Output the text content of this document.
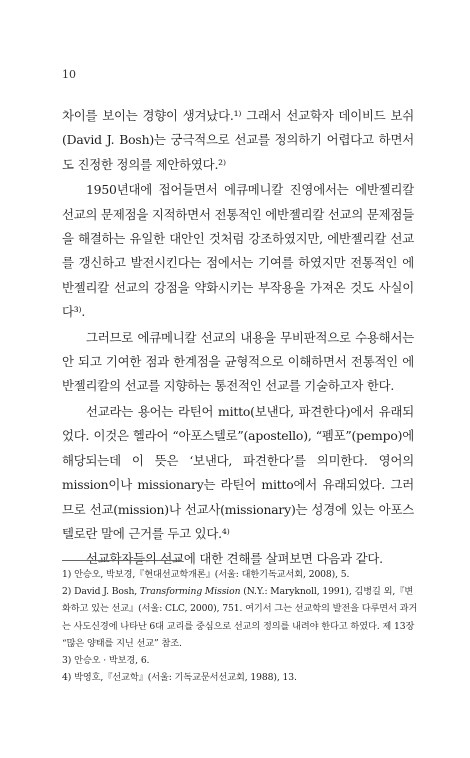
10

차이를 보이는 경향이 생겨났다.¹⁾ 그래서 선교학자 데이비드 보쉬(David J. Bosh)는 궁극적으로 선교를 정의하기 어렵다고 하면서도 진정한 정의를 제안하였다.²⁾

1950년대에 접어들면서 에큐메니칼 진영에서는 에반젤리칼 선교의 문제점을 지적하면서 전통적인 에반젤리칼 선교의 문제점들을 해결하는 유일한 대안인 것처럼 강조하였지만, 에반젤리칼 선교를 갱신하고 발전시킨다는 점에서는 기여를 하였지만 전통적인 에반젤리칼 선교의 강점을 약화시키는 부작용을 가져온 것도 사실이다³⁾.

그러므로 에큐메니칼 선교의 내용을 무비판적으로 수용해서는 안 되고 기여한 점과 한계점을 균형적으로 이해하면서 전통적인 에반젤리칼의 선교를 지향하는 통전적인 선교를 기술하고자 한다.

선교라는 용어는 라틴어 mitto(보낸다, 파견한다)에서 유래되었다. 이것은 헬라어 “아포스텔로”(apostello), “펨포”(pempo)에 해당되는데 이 뜻은 ‘보낸다, 파견한다’를 의미한다. 영어의 mission이나 missionary는 라틴어 mitto에서 유래되었다. 그러므로 선교(mission)나 선교사(missionary)는 성경에 있는 아포스텔로란 말에 근거를 두고 있다.⁴⁾

선교학자들의 선교에 대한 견해를 살펴보면 다음과 같다.

1) 안승오, 박보경,『현대선교학개론』(서울: 대한기독교서회, 2008), 5.
2) David J. Bosh, Transforming Mission (N.Y.: Maryknoll, 1991), 김병길 외,『변화하고 있는 선교』(서울: CLC, 2000), 751. 여기서 그는 선교학의 발전을 다루면서 과거는 사도신경에 나타난 6대 교리를 중심으로 선교의 정의를 내려야 한다고 하였다. 제 13장 “많은 양태를 지닌 선교” 참조.
3) 안승오 · 박보경, 6.
4) 박영호,『선교학』(서울: 기독교문서선교회, 1988), 13.
